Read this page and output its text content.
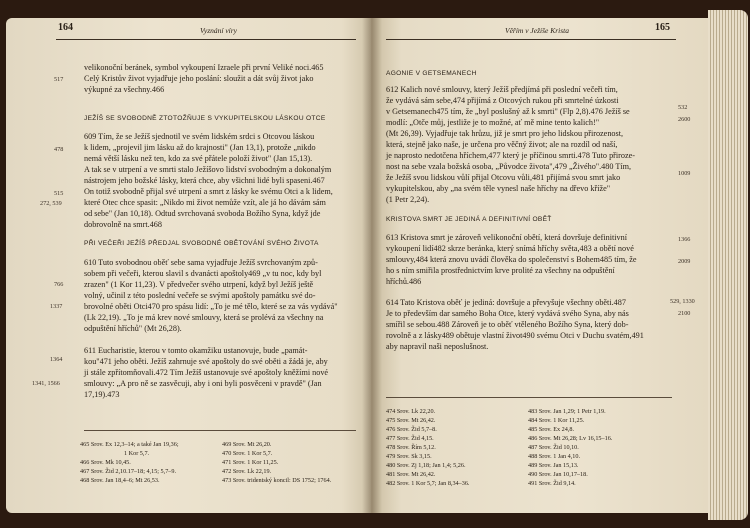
164	Vyznání víry
velikonoční beránek, symbol vykoupení Izraele při první Veliké noci.465
Celý Kristův život vyjadřuje jeho poslání: sloužit a dát svůj život jako
výkupné za všechny.466
JEŽÍŠ SE SVOBODNĚ ZTOTOŽŇUJE S VYKUPITELSKOU LÁSKOU OTCE
609 Tím, že se Ježíš sjednotil ve svém lidském srdci s Otcovou láskou
k lidem, „projevil jim lásku až do krajnosti" (Jan 13,1), protože „nikdo
nemá větší lásku než ten, kdo za své přátele položí život" (Jan 15,13).
A tak se v utrpení a ve smrti stalo Ježíšovo lidství svobodným a dokonalým
nástrojem jeho božské lásky, která chce, aby všichni lidé byli spaseni.467
On totiž svobodně přijal své utrpení a smrt z lásky ke svému Otci a k lidem,
které Otec chce spasit: „Nikdo mi život nemůže vzít, ale já ho dávám sám
od sebe" (Jan 10,18). Odtud svrchovaná svoboda Božího Syna, když jde
dobrovolně na smrt.468
PŘI VEČEŘI JEŽÍŠ PŘEDJAL SVOBODNÉ OBĚTOVÁNÍ SVÉHO ŽIVOTA
610 Tuto svobodnou oběť sebe sama vyjadřuje Ježíš svrchovaným způ-
sobem při večeři, kterou slavil s dvanácti apoštoly469 „v tu noc, kdy byl
zrazen" (1 Kor 11,23). V předvečer svého utrpení, když byl Ježíš ještě
volný, učinil z této poslední večeře se svými apoštoly památku své do-
brovolné oběti Otci470 pro spásu lidí: „To je mé tělo, které se za vás vydává"
(Lk 22,19). „To je má krev nové smlouvy, která se prolévá za všechny na
odpuštění hříchů" (Mt 26,28).
611 Eucharistie, kterou v tomto okamžiku ustanovuje, bude „památ-
kou"471 jeho oběti. Ježíš zahrnuje své apoštoly do své oběti a žádá je, aby
ji stále zpřítomňovali.472 Tím Ježíš ustanovuje své apoštoly kněžími nové
smlouvy: „A pro ně se zasvěcuji, aby i oni byli posvěceni v pravdě" (Jan
17,19).473
517
478
515
272, 539
766
1337
1364
1341, 1566
465 Srov. Ex 12,3–14; a také Jan 19,36;
1 Kor 5,7.
466 Srov. Mk 10,45.
467 Srov. Žid 2,10.17–18; 4,15; 5,7–9.
468 Srov. Jan 18,4–6; Mt 26,53.
469 Srov. Mt 26,20.
470 Srov. 1 Kor 5,7.
471 Srov. 1 Kor 11,25.
472 Srov. Lk 22,19.
473 Srov. tridentský koncil: DS 1752; 1764.
Věřím v Ježíše Krista	165
AGONIE V GETSEMANECH
612 Kalich nové smlouvy, který Ježíš předjímá při poslední večeři tím,
že vydává sám sebe,474 přijímá z Otcových rukou při smrtelné úzkosti
v Getsemanech475 tím, že „byl poslušný až k smrti" (Flp 2,8).476 Ježíš se
modlí: „Otče můj, jestliže je to možné, ať mě mine tento kalich!"
(Mt 26,39). Vyjadřuje tak hrůzu, již je smrt pro jeho lidskou přirozenost,
která, stejně jako naše, je určena pro věčný život; ale na rozdíl od naší,
je naprosto nedotčena hříchem,477 který je příčinou smrti.478 Tuto přiroze-
nost na sebe vzala božská osoba, „Původce života",479 „Živého".480 Tím,
že Ježíš svou lidskou vůlí přijal Otcovu vůli,481 přijímá svou smrt jako
vykupitelskou, aby „na svém těle vynesl naše hříchy na dřevo kříže"
(1 Petr 2,24).
KRISTOVA SMRT JE JEDINÁ A DEFINITIVNÍ OBĚŤ
613 Kristova smrt je zároveň velikonoční obětí, která dovršuje definitivní
vykoupení lidí482 skrze beránka, který snímá hříchy světa,483 a obětí nové
smlouvy,484 která znovu uvádí člověka do společenství s Bohem485 tím, že
ho s ním smiřila prostřednictvím krve prolité za všechny na odpuštění
hříchů.486
614 Tato Kristova oběť je jediná: dovršuje a převyšuje všechny oběti.487
Je to především dar samého Boha Otce, který vydává svého Syna, aby nás
smířil se sebou.488 Zároveň je to oběť vtěleného Božího Syna, který dob-
rovolně a z lásky489 obětuje vlastní život490 svému Otci v Duchu svatém,491
aby napravil naši neposlušnost.
532
2600
1009
1366
2009
529, 1330
2100
474 Srov. Lk 22,20.
475 Srov. Mt 26,42.
476 Srov. Žid 5,7–8.
477 Srov. Žid 4,15.
478 Srov. Řím 5,12.
479 Srov. Sk 3,15.
480 Srov. Zj 1,18; Jan 1,4; 5,26.
481 Srov. Mt 26,42.
482 Srov. 1 Kor 5,7; Jan 8,34–36.
483 Srov. Jan 1,29; 1 Petr 1,19.
484 Srov. 1 Kor 11,25.
485 Srov. Ex 24,8.
486 Srov. Mt 26,28; Lv 16,15–16.
487 Srov. Žid 10,10.
488 Srov. 1 Jan 4,10.
489 Srov. Jan 15,13.
490 Srov. Jan 10,17–18.
491 Srov. Žid 9,14.
